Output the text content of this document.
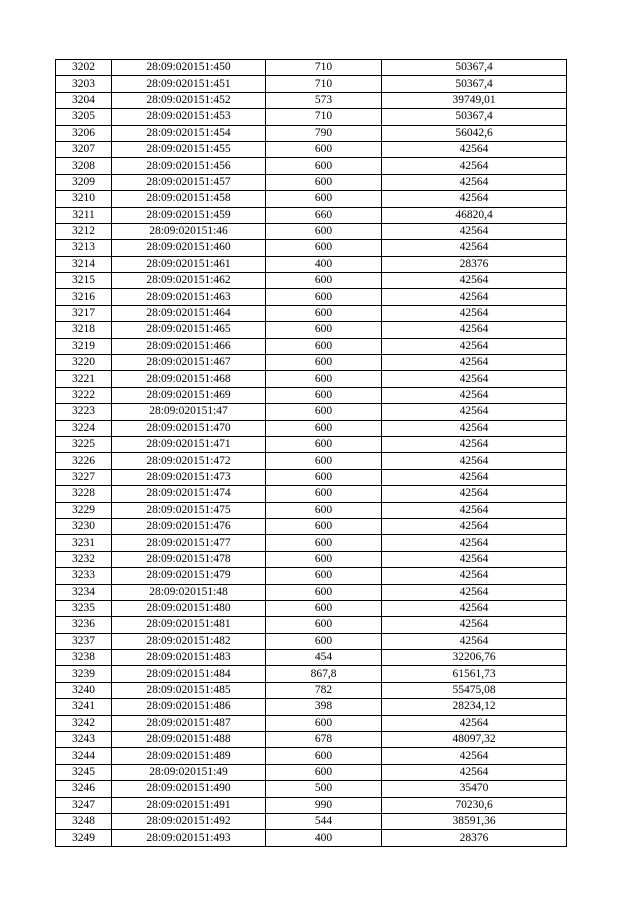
3202	28:09:020151:450	710	50367,4
3203	28:09:020151:451	710	50367,4
3204	28:09:020151:452	573	39749,01
3205	28:09:020151:453	710	50367,4
3206	28:09:020151:454	790	56042,6
3207	28:09:020151:455	600	42564
3208	28:09:020151:456	600	42564
3209	28:09:020151:457	600	42564
3210	28:09:020151:458	600	42564
3211	28:09:020151:459	660	46820,4
3212	28:09:020151:46	600	42564
3213	28:09:020151:460	600	42564
3214	28:09:020151:461	400	28376
3215	28:09:020151:462	600	42564
3216	28:09:020151:463	600	42564
3217	28:09:020151:464	600	42564
3218	28:09:020151:465	600	42564
3219	28:09:020151:466	600	42564
3220	28:09:020151:467	600	42564
3221	28:09:020151:468	600	42564
3222	28:09:020151:469	600	42564
3223	28:09:020151:47	600	42564
3224	28:09:020151:470	600	42564
3225	28:09:020151:471	600	42564
3226	28:09:020151:472	600	42564
3227	28:09:020151:473	600	42564
3228	28:09:020151:474	600	42564
3229	28:09:020151:475	600	42564
3230	28:09:020151:476	600	42564
3231	28:09:020151:477	600	42564
3232	28:09:020151:478	600	42564
3233	28:09:020151:479	600	42564
3234	28:09:020151:48	600	42564
3235	28:09:020151:480	600	42564
3236	28:09:020151:481	600	42564
3237	28:09:020151:482	600	42564
3238	28:09:020151:483	454	32206,76
3239	28:09:020151:484	867,8	61561,73
3240	28:09:020151:485	782	55475,08
3241	28:09:020151:486	398	28234,12
3242	28:09:020151:487	600	42564
3243	28:09:020151:488	678	48097,32
3244	28:09:020151:489	600	42564
3245	28:09:020151:49	600	42564
3246	28:09:020151:490	500	35470
3247	28:09:020151:491	990	70230,6
3248	28:09:020151:492	544	38591,36
3249	28:09:020151:493	400	28376
